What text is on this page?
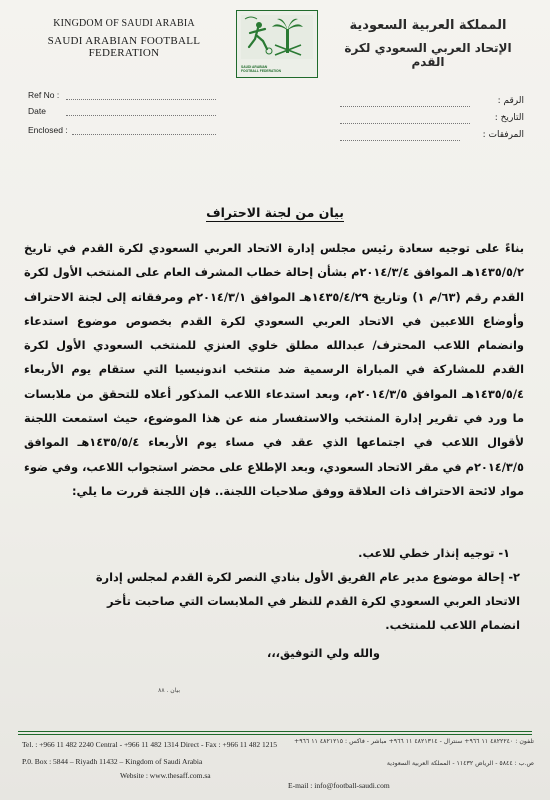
KINGDOM OF SAUDI ARABIA
SAUDI ARABIAN FOOTBALL FEDERATION
SAUDI ARABIAN
FOOTBALL FEDERATION
المملكة العربية السعودية
الإتحاد العربي السعودي لكرة القدم
Ref No :
Date
Enclosed :
الرقم :
التاريخ :
المرفقات :
بيان من لجنة الاحتراف

بناءً على توجيه سعادة رئيس مجلس إدارة الاتحاد العربي السعودي لكرة القدم في تاريخ ١٤٣٥/٥/٢هـ الموافق ٢٠١٤/٣/٤م بشأن إحالة خطاب المشرف العام على المنتخب الأول لكرة القدم رقم (٦٣/م ١) وتاريخ ١٤٣٥/٤/٢٩هـ الموافق ٢٠١٤/٣/١م ومرفقاته إلى لجنة الاحتراف وأوضاع اللاعبين في الاتحاد العربي السعودي لكرة القدم بخصوص موضوع استدعاء وانضمام اللاعب المحترف/ عبدالله مطلق خلوي العنزي للمنتخب السعودي الأول لكرة القدم للمشاركة في المباراة الرسمية ضد منتخب اندونيسيا التي ستقام يوم الأربعاء ١٤٣٥/٥/٤هـ الموافق ٢٠١٤/٣/٥م، وبعد استدعاء اللاعب المذكور أعلاه للتحقق من ملابسات ما ورد في تقرير إدارة المنتخب والاستفسار منه عن هذا الموضوع، حيث استمعت اللجنة لأقوال اللاعب في اجتماعها الذي عقد في مساء يوم الأربعاء ١٤٣٥/٥/٤هـ الموافق ٢٠١٤/٣/٥م في مقر الاتحاد السعودي، وبعد الإطلاع على محضر استجواب اللاعب، وفي ضوء مواد لائحة الاحتراف ذات العلاقة ووفق صلاحيات اللجنة.. فإن اللجنة قررت ما يلي:

١- توجيه إنذار خطي للاعب.
٢- إحالة موضوع مدير عام الفريق الأول بنادي النصر لكرة القدم لمجلس إدارة
الاتحاد العربي السعودي لكرة القدم للنظر في الملابسات التي صاحبت تأخر
انضمام اللاعب للمنتخب.
والله ولي التوفيق،،،
بيان . ٨٨
Tel. : +966 11 482 2240 Central - +966 11 482 1314 Direct - Fax : +966 11 482 1215
P.0. Box : 5844 – Riyadh 11432 – Kingdom of Saudi Arabia
Website : www.thesaff.com.sa
E-mail : info@football-saudi.com
تلفون : ٤٨٢٢٢٤٠ ١١ ٩٦٦+ سنترال - ٤٨٢١٣١٤ ١١ ٩٦٦+ مباشر - فاكس : ٤٨٢١٢١٥ ١١ ٩٦٦+
ص.ب : ٥٨٤٤ - الرياض ١١٤٣٢ - المملكة العربية السعودية
